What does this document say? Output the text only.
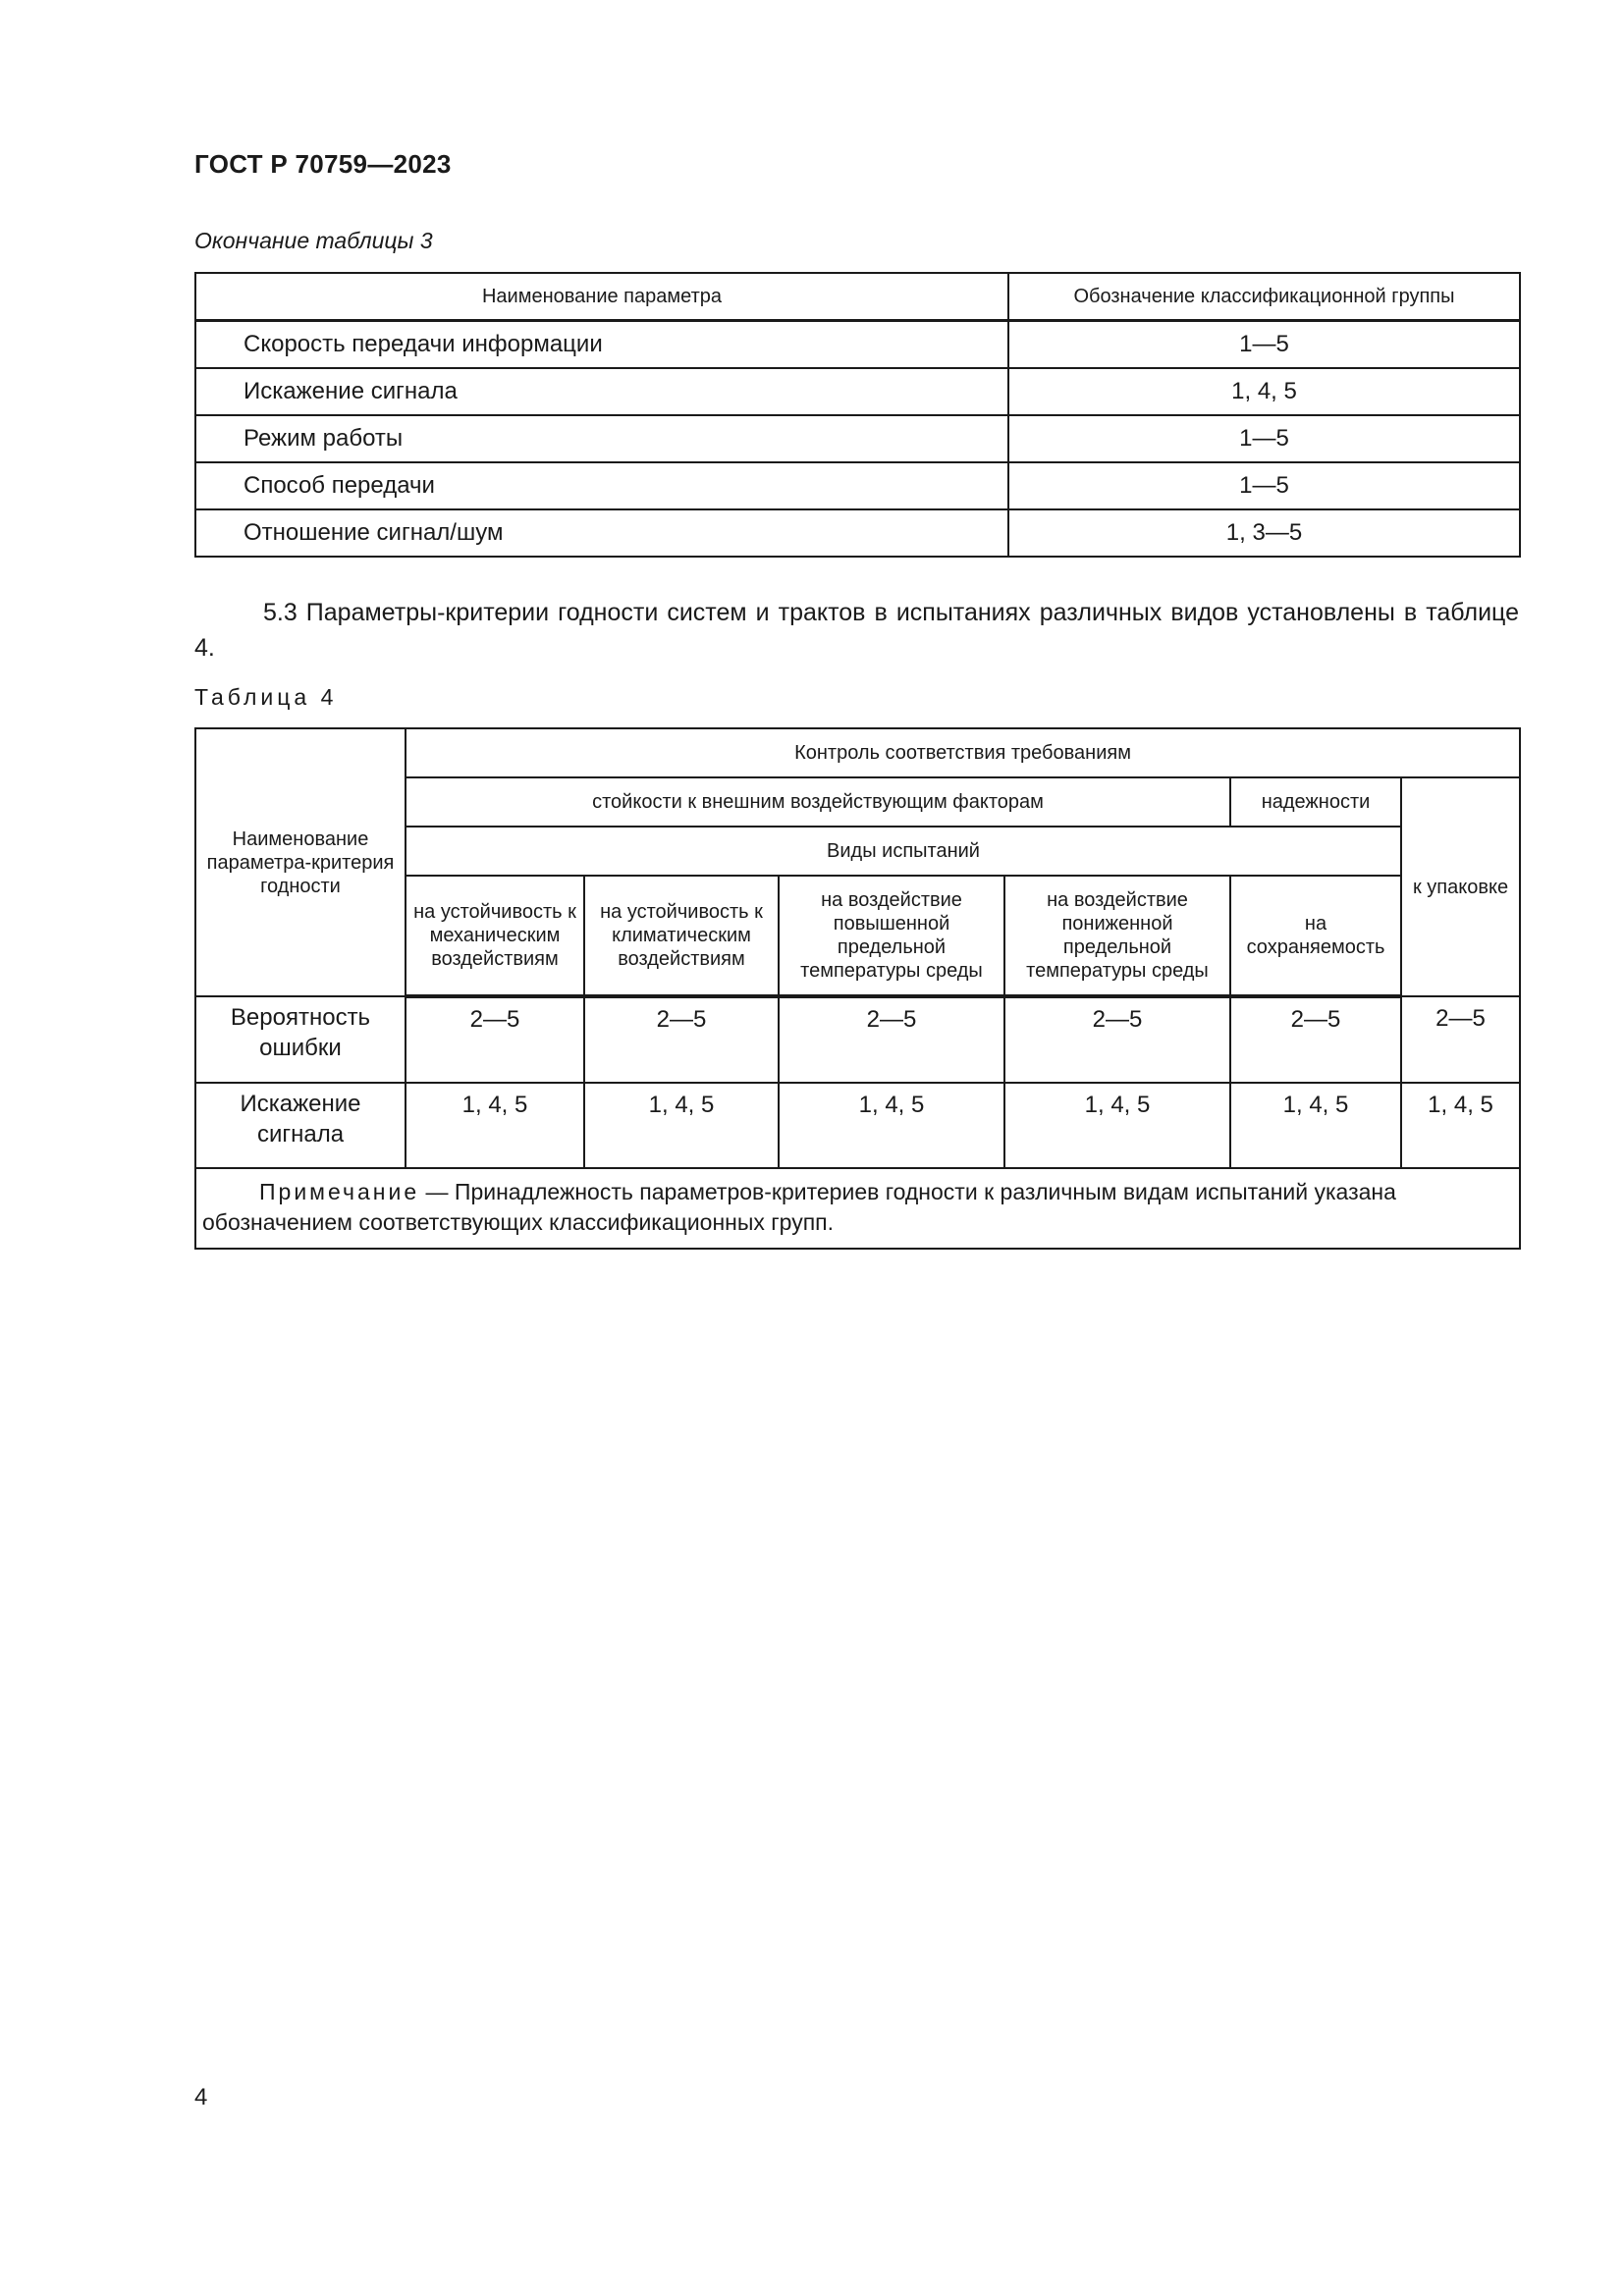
ГОСТ Р 70759—2023
Окончание таблицы 3
Наименование параметра	Обозначение классификационной группы
Скорость передачи информации	1—5
Искажение сигнала	1, 4, 5
Режим работы	1—5
Способ передачи	1—5
Отношение сигнал/шум	1, 3—5
5.3 Параметры-критерии годности систем и трактов в испытаниях различных видов установлены в таблице 4.
Таблица 4
Наименование параметра-критерия годности	Контроль соответствия требованиям					
	стойкости к внешним воздействующим факторам				надежности	к упаковке
	Виды испытаний					
	на устойчивость к механическим воздействиям	на устойчивость к климатическим воздействиям	на воздействие повышенной предельной температуры среды	на воздействие пониженной предельной температуры среды	на сохраняемость	
Вероятность ошибки	2—5	2—5	2—5	2—5	2—5	2—5
Искажение сигнала	1, 4, 5	1, 4, 5	1, 4, 5	1, 4, 5	1, 4, 5	1, 4, 5
Примечание — Принадлежность параметров-критериев годности к различным видам испытаний указана обозначением соответствующих классификационных групп.						
4
